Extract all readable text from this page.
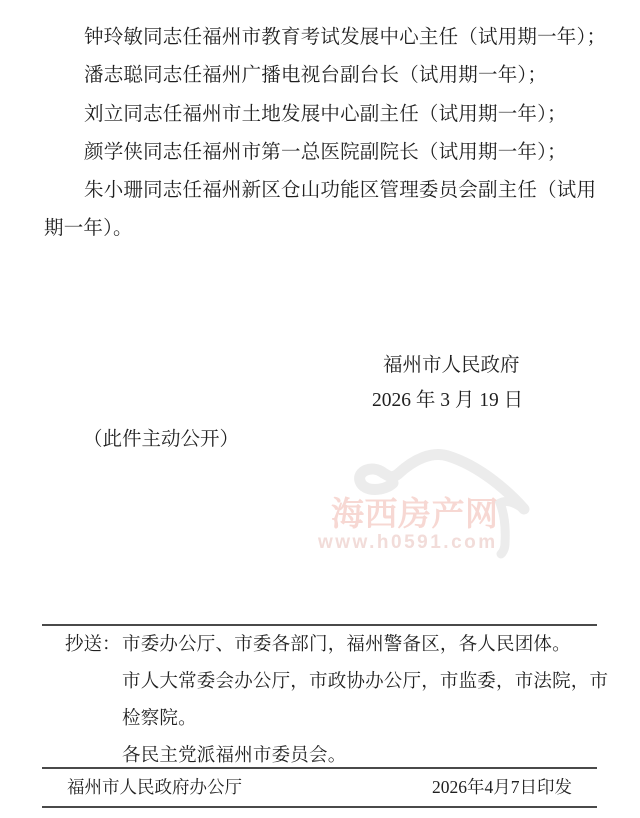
钟玲敏同志任福州市教育考试发展中心主任（试用期一年）；
潘志聪同志任福州广播电视台副台长（试用期一年）；
刘立同志任福州市土地发展中心副主任（试用期一年）；
颜学侠同志任福州市第一总医院副院长（试用期一年）；
朱小珊同志任福州新区仓山功能区管理委员会副主任（试用
期一年）。
福州市人民政府
2026 年 3 月 19 日
（此件主动公开）
海西房产网
www.h0591.com
抄送： 市委办公厅、市委各部门，福州警备区，各人民团体。
市人大常委会办公厅，市政协办公厅，市监委，市法院，市
检察院。
各民主党派福州市委员会。
福州市人民政府办公厅	2026年4月7日印发
